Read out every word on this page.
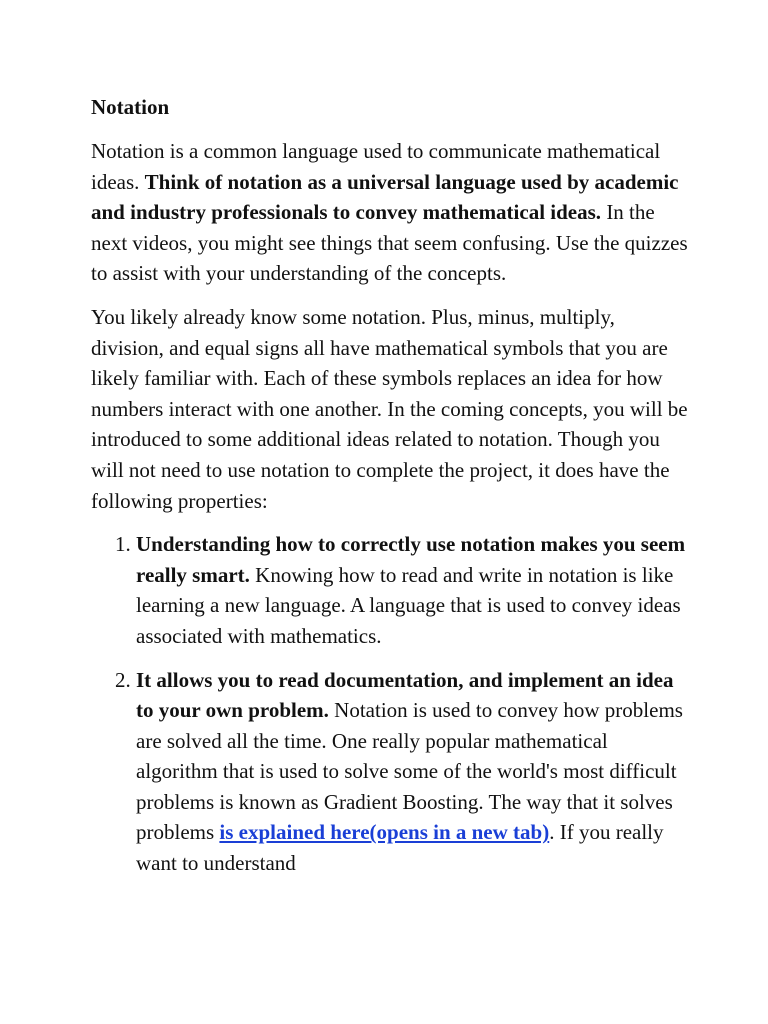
Notation

Notation is a common language used to communicate mathematical ideas. Think of notation as a universal language used by academic and industry professionals to convey mathematical ideas. In the next videos, you might see things that seem confusing. Use the quizzes to assist with your understanding of the concepts.

You likely already know some notation. Plus, minus, multiply, division, and equal signs all have mathematical symbols that you are likely familiar with. Each of these symbols replaces an idea for how numbers interact with one another. In the coming concepts, you will be introduced to some additional ideas related to notation. Though you will not need to use notation to complete the project, it does have the following properties:

1. Understanding how to correctly use notation makes you seem really smart. Knowing how to read and write in notation is like learning a new language. A language that is used to convey ideas associated with mathematics.
2. It allows you to read documentation, and implement an idea to your own problem. Notation is used to convey how problems are solved all the time. One really popular mathematical algorithm that is used to solve some of the world's most difficult problems is known as Gradient Boosting. The way that it solves problems is explained here(opens in a new tab). If you really want to understand
